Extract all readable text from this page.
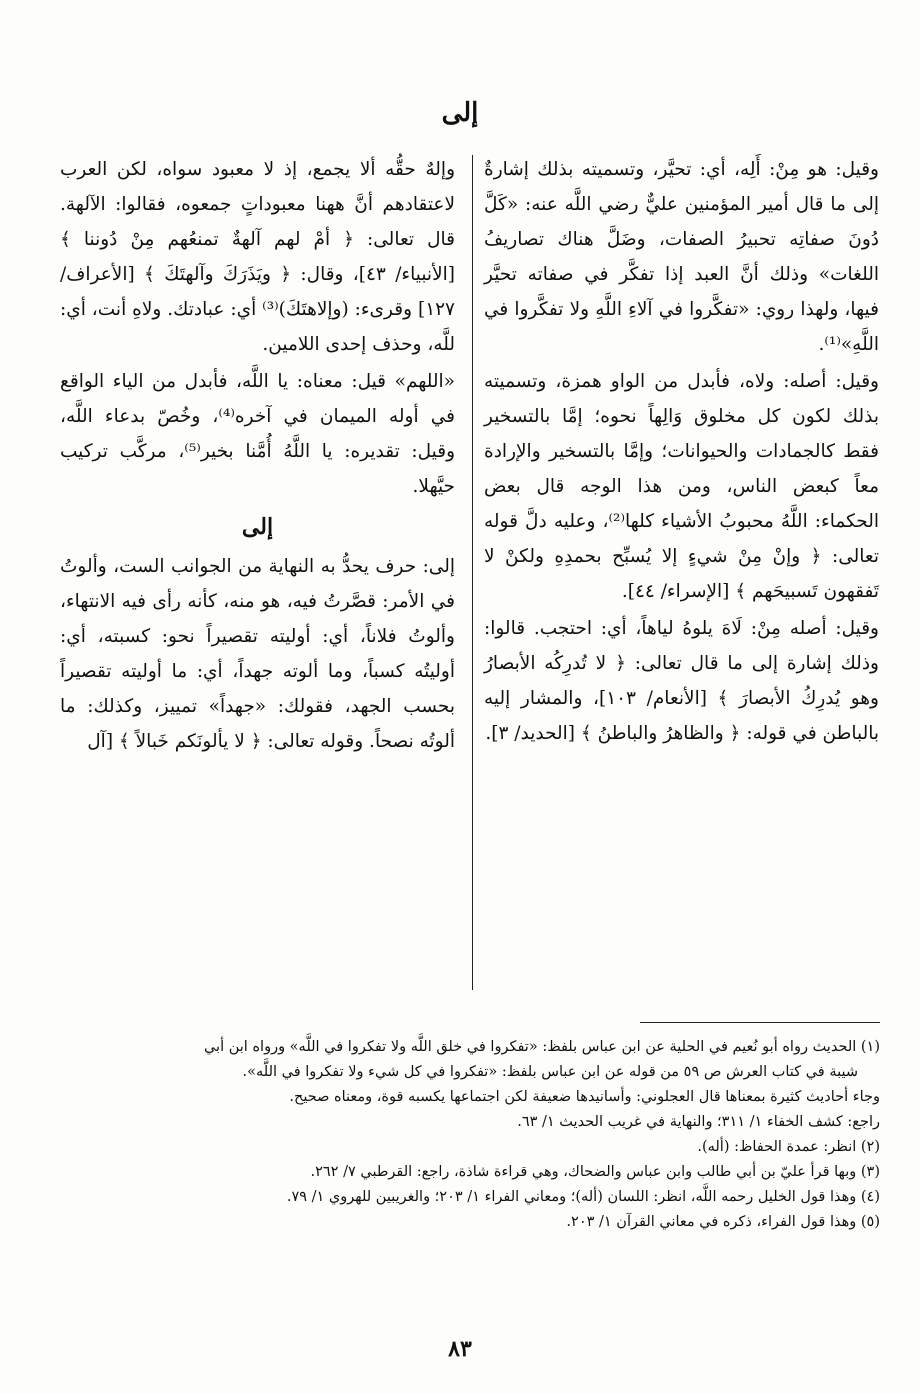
إلى

وقيل: هو مِنْ: أَلِه، أي: تحيَّر، وتسميته بذلك إشارةٌ إلى ما قال أمير المؤمنين عليٌّ رضي اللَّه عنه: «كَلَّ دُونَ صفاتِه تحبيرُ الصفات، وضَلَّ هناك تصاريفُ اللغات» وذلك أنَّ العبد إذا تفكَّر في صفاته تحيَّر فيها، ولهذا روي: «تفكَّروا في آلاءِ اللَّهِ ولا تفكَّروا في اللَّهِ»⁽¹⁾.

وقيل: أصله: ولاه، فأبدل من الواو همزة، وتسميته بذلك لكون كل مخلوق وَالِهاً نحوه؛ إمَّا بالتسخير فقط كالجمادات والحيوانات؛ وإمَّا بالتسخير والإرادة معاً كبعض الناس، ومن هذا الوجه قال بعض الحكماء: اللَّهُ محبوبُ الأشياء كلها⁽²⁾، وعليه دلَّ قوله تعالى: ﴿ وإنْ مِنْ شيءٍ إلا يُسبِّح بحمدِهِ ولكنْ لا تَفقهون تَسبيحَهم ﴾ [الإسراء/ ٤٤].

وقيل: أصله مِنْ: لَاهَ يلوهُ لياهاً، أي: احتجب. قالوا: وذلك إشارة إلى ما قال تعالى: ﴿ لا تُدرِكُه الأبصارُ وهو يُدرِكُ الأبصارَ ﴾ [الأنعام/ ١٠٣]، والمشار إليه بالباطن في قوله: ﴿ والظاهرُ والباطنُ ﴾ [الحديد/ ٣].

وإلهٌ حقُّه ألا يجمع، إذ لا معبود سواه، لكن العرب لاعتقادهم أنَّ ههنا معبوداتٍ جمعوه، فقالوا: الآلهة. قال تعالى: ﴿ أمْ لهم آلهةٌ تمنعُهم مِنْ دُوننا ﴾ [الأنبياء/ ٤٣]، وقال: ﴿ ويَذَرَكَ وآلهتَكَ ﴾ [الأعراف/ ١٢٧] وقرىء: (وإلاهتَكَ)⁽³⁾ أي: عبادتك. ولاهِ أنت، أي: للَّه، وحذف إحدى اللامين.

«اللهم» قيل: معناه: يا اللَّه، فأبدل من الياء الواقع في أوله الميمان في آخره⁽⁴⁾، وخُصّ بدعاء اللَّه، وقيل: تقديره: يا اللَّهُ أُمَّنا بخير⁽⁵⁾، مركَّب تركيب حيَّهلا.

إلى

إلى: حرف يحدُّ به النهاية من الجوانب الست، وألوتُ في الأمر: قصَّرتُ فيه، هو منه، كأنه رأى فيه الانتهاء، وألوتُ فلاناً، أي: أوليته تقصيراً نحو: كسبته، أي: أوليتُه كسباً، وما ألوته جهداً، أي: ما أوليته تقصيراً بحسب الجهد، فقولك: «جهداً» تمييز، وكذلك: ما ألوتُه نصحاً. وقوله تعالى: ﴿ لا يألونَكم خَبالاً ﴾ [آل

(١) الحديث رواه أبو نُعيم في الحلية عن ابن عباس بلفظ: «تفكروا في خلق اللَّه ولا تفكروا في اللَّه» ورواه ابن أبي

شيبة في كتاب العرش ص ٥٩ من قوله عن ابن عباس بلفظ: «تفكروا في كل شيء ولا تفكروا في اللَّه».

وجاء أحاديث كثيرة بمعناها قال العجلوني: وأسانيدها ضعيفة لكن اجتماعها يكسبه قوة، ومعناه صحيح.

راجع: كشف الخفاء ١/ ٣١١؛ والنهاية في غريب الحديث ١/ ٦٣.

(٢) انظر: عمدة الحفاظ: (أله).

(٣) وبها قرأ عليّ بن أبي طالب وابن عباس والضحاك، وهي قراءة شاذة، راجع: القرطبي ٧/ ٢٦٢.

(٤) وهذا قول الخليل رحمه اللَّه، انظر: اللسان (أله)؛ ومعاني الفراء ١/ ٢٠٣؛ والغريبين للهروي ١/ ٧٩.

(٥) وهذا قول الفراء، ذكره في معاني القرآن ١/ ٢٠٣.

٨٣
